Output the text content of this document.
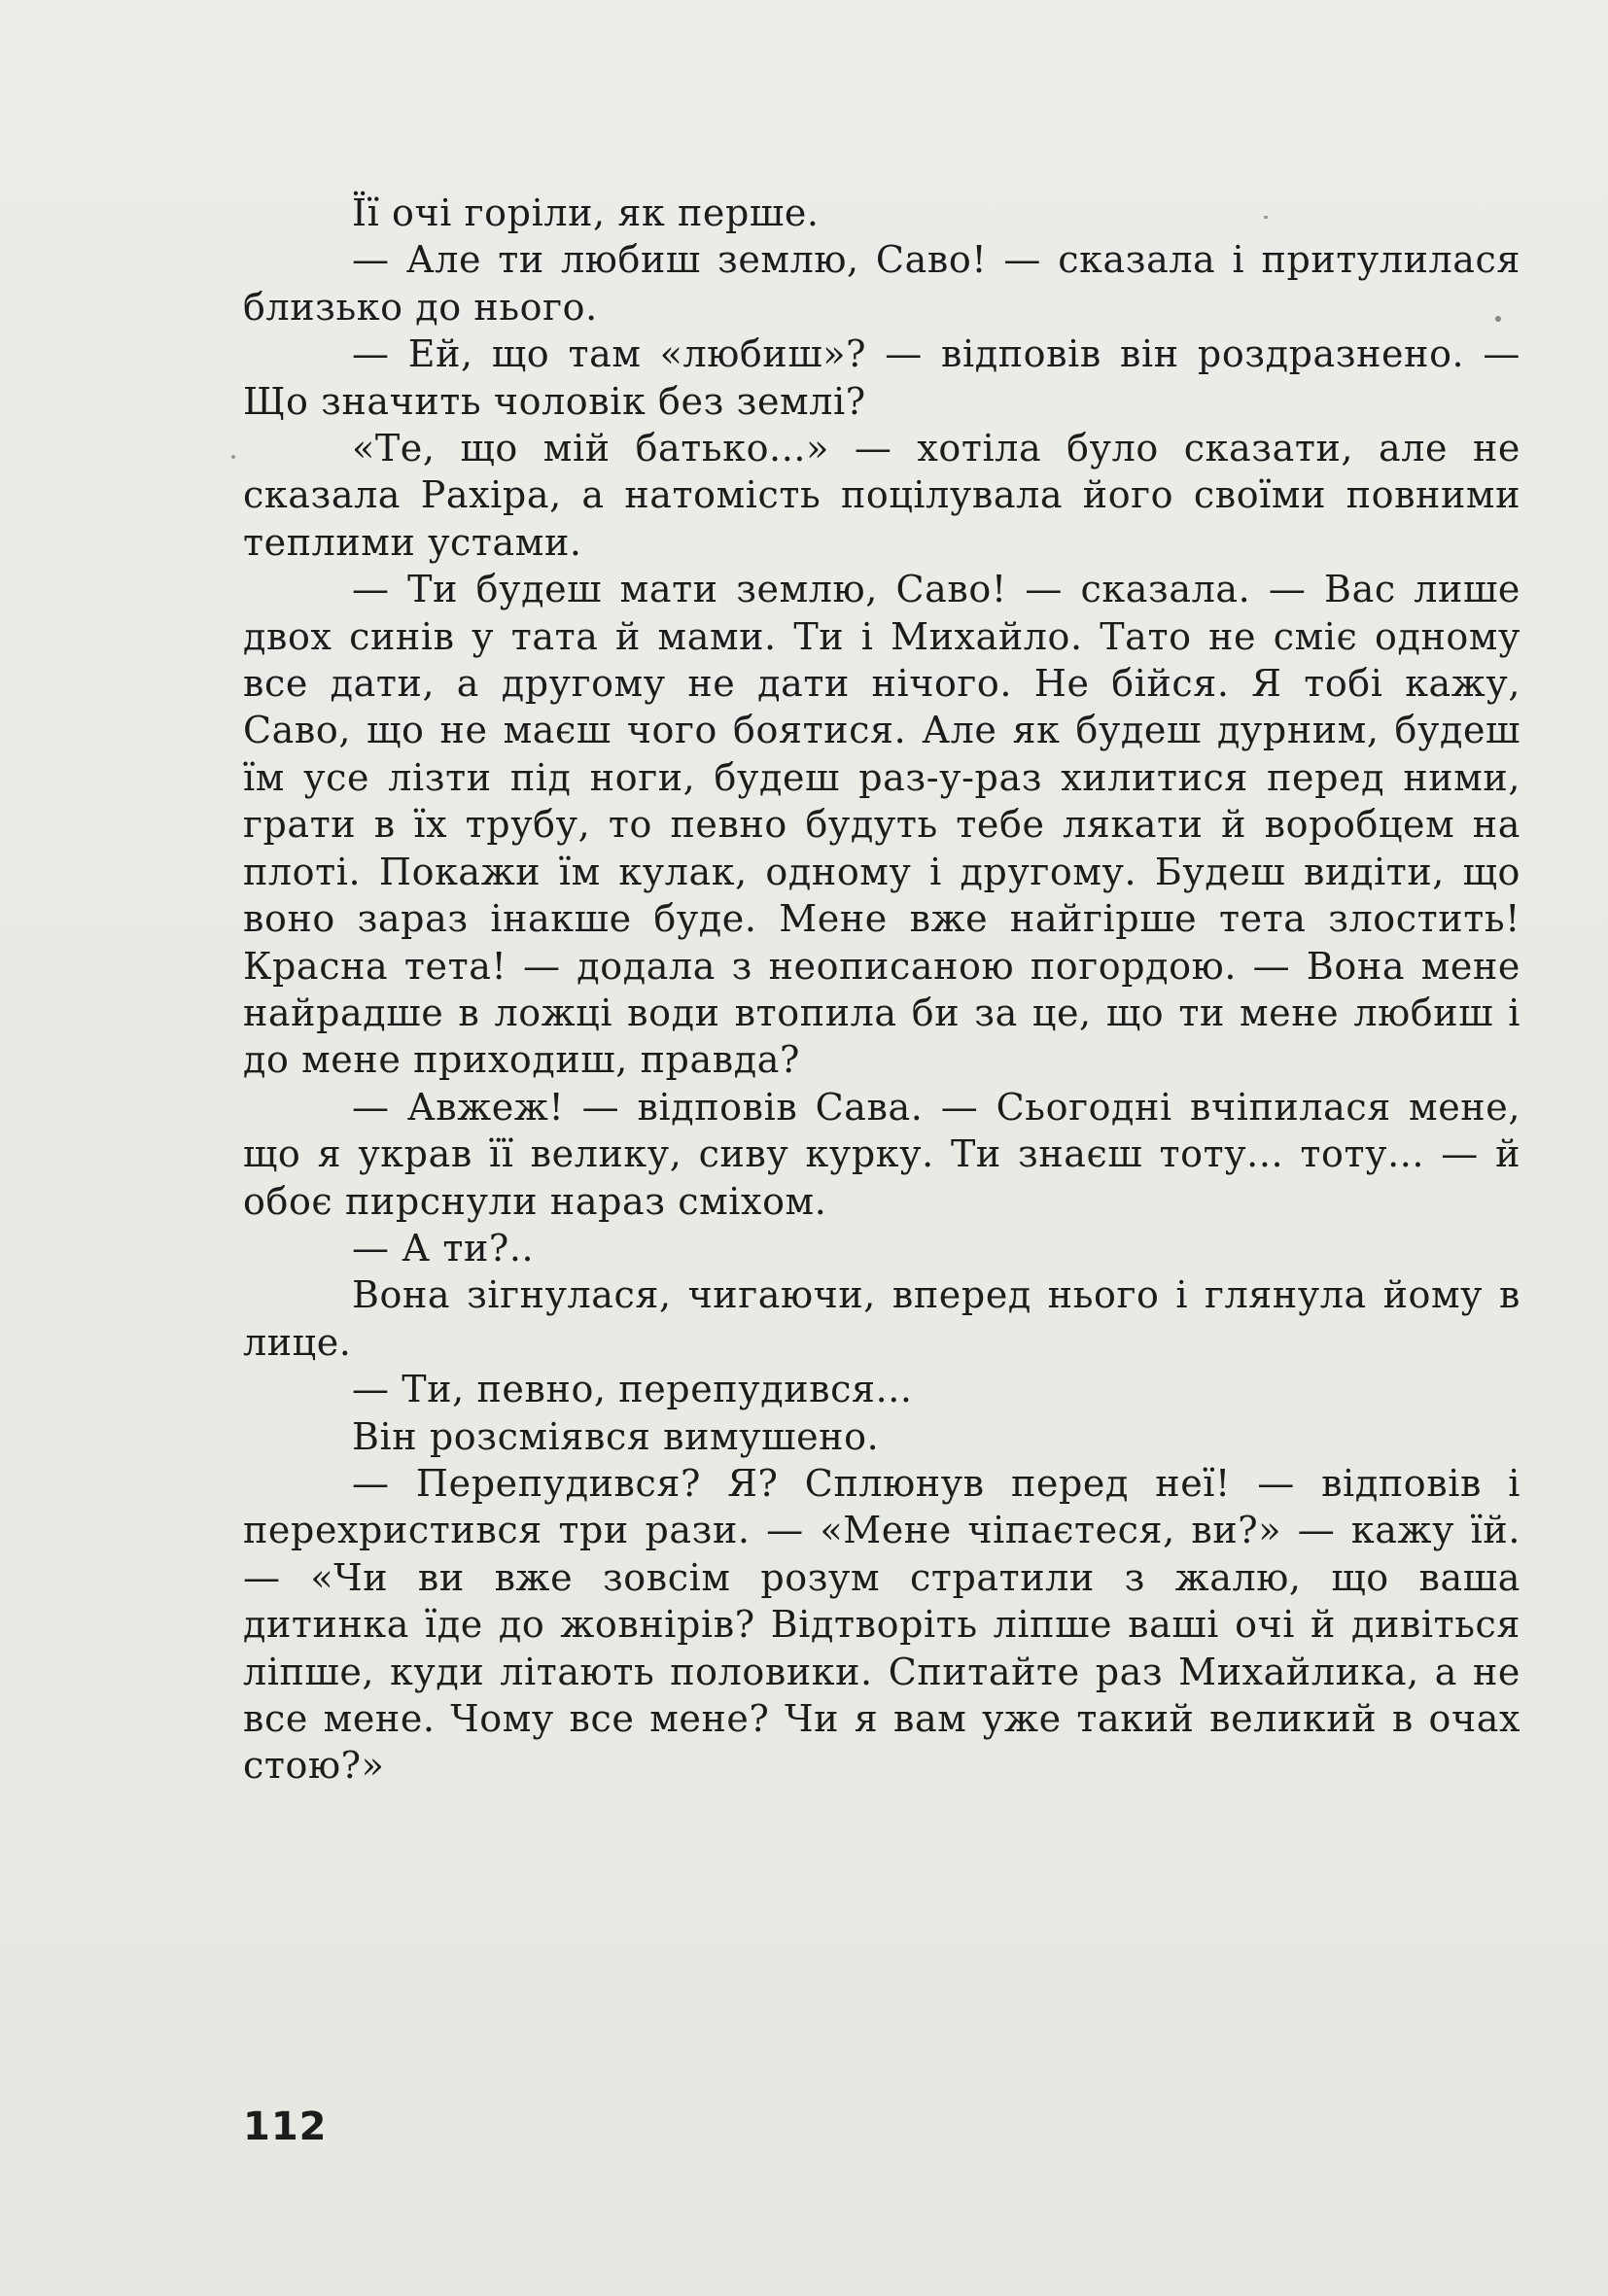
Її очі горіли, як перше.

— Але ти любиш землю, Саво! — сказала і притулилася близько до нього.

— Ей, що там «любиш»? — відповів він роздразнено. — Що значить чоловік без землі?

«Те, що мій батько...» — хотіла було сказати, але не сказала Рахіра, а натомість поцілувала його своїми повними теплими устами.

— Ти будеш мати землю, Саво! — сказала. — Вас лише двох синів у тата й мами. Ти і Михайло. Тато не сміє одному все дати, а другому не дати нічого. Не бійся. Я тобі кажу, Саво, що не маєш чого боятися. Але як будеш дурним, будеш їм усе лізти під ноги, будеш раз-у-раз хилитися перед ними, грати в їх трубу, то певно будуть тебе лякати й воробцем на плоті. Покажи їм кулак, одному і другому. Будеш видіти, що воно зараз інакше буде. Мене вже найгірше тета злостить! Красна тета! — додала з неописаною погордою. — Вона мене найрадше в ложці води втопила би за це, що ти мене любиш і до мене приходиш, правда?

— Авжеж! — відповів Сава. — Сьогодні вчіпилася мене, що я украв її велику, сиву курку. Ти знаєш тоту... тоту... — й обоє пирснули нараз сміхом.

— А ти?..

Вона зігнулася, чигаючи, вперед нього і глянула йому в лице.

— Ти, певно, перепудився...

Він розсміявся вимушено.

— Перепудився? Я? Сплюнув перед неї! — відповів і перехристився три рази. — «Мене чіпаєтеся, ви?» — кажу їй. — «Чи ви вже зовсім розум стратили з жалю, що ваша дитинка їде до жовнірів? Відтворіть ліпше ваші очі й дивіться ліпше, куди літають половики. Спитайте раз Михайлика, а не все мене. Чому все мене? Чи я вам уже такий великий в очах стою?»

112
